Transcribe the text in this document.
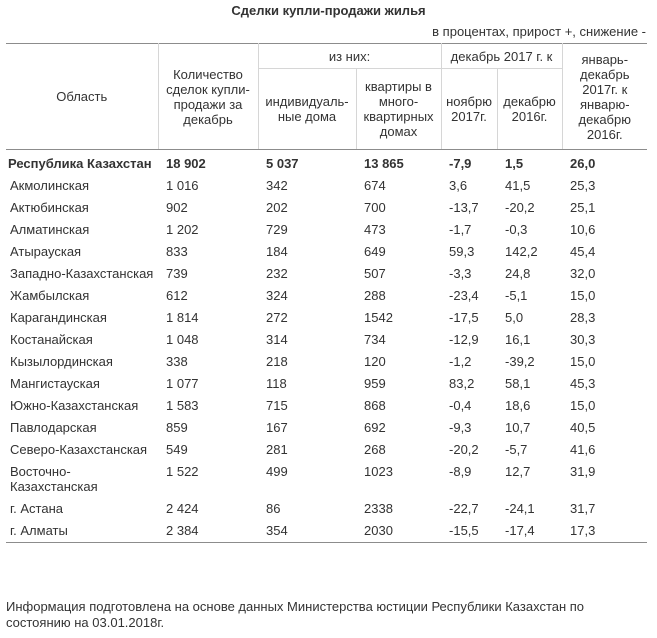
Сделки купли-продажи жилья
в процентах, прирост +, снижение -
Область	Количество сделок купли-продажи за декабрь	из них:		декабрь 2017 г. к		январь-декабрь 2017г. к январю-декабрю 2016г.
		индивидуаль-ные дома	квартиры в много-квартирных домах	ноябрю 2017г.	декабрю 2016г.	
Республика Казахстан	18 902	5 037	13 865	-7,9	1,5	26,0
Акмолинская	1 016	342	674	3,6	41,5	25,3
Актюбинская	902	202	700	-13,7	-20,2	25,1
Алматинская	1 202	729	473	-1,7	-0,3	10,6
Атырауская	833	184	649	59,3	142,2	45,4
Западно-Казахстанская	739	232	507	-3,3	24,8	32,0
Жамбылская	612	324	288	-23,4	-5,1	15,0
Карагандинская	1 814	272	1542	-17,5	5,0	28,3
Костанайская	1 048	314	734	-12,9	16,1	30,3
Кызылординская	338	218	120	-1,2	-39,2	15,0
Мангистауская	1 077	118	959	83,2	58,1	45,3
Южно-Казахстанская	1 583	715	868	-0,4	18,6	15,0
Павлодарская	859	167	692	-9,3	10,7	40,5
Северо-Казахстанская	549	281	268	-20,2	-5,7	41,6
Восточно-Казахстанская	1 522	499	1023	-8,9	12,7	31,9
г. Астана	2 424	86	2338	-22,7	-24,1	31,7
г. Алматы	2 384	354	2030	-15,5	-17,4	17,3
Информация подготовлена на основе данных Министерства юстиции Республики Казахстан по состоянию на 03.01.2018г.
